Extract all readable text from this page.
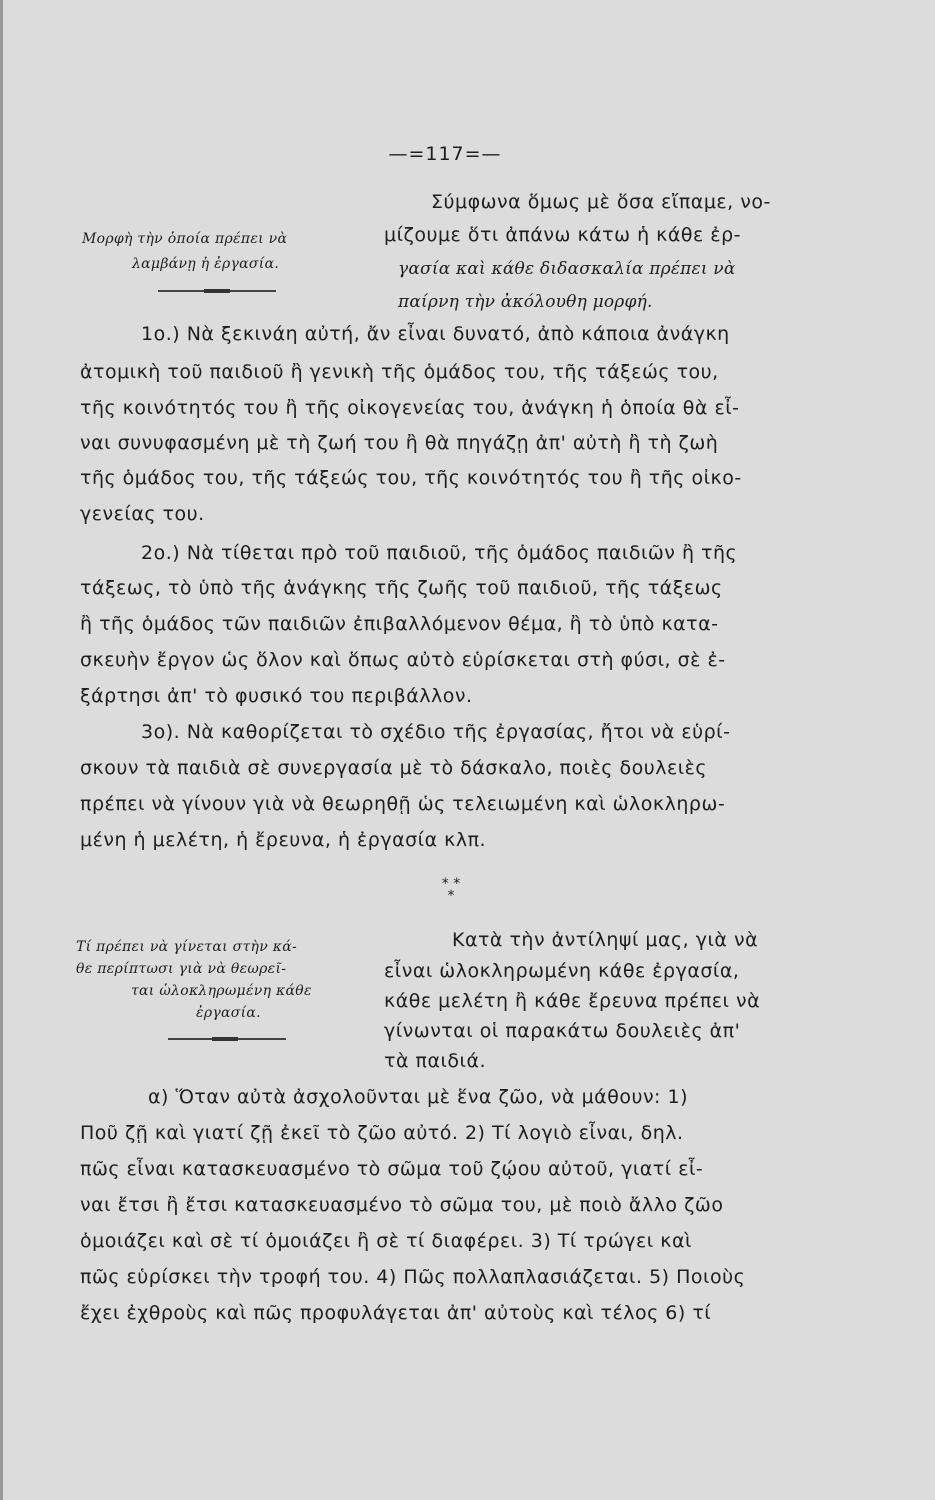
—=117=—
Μορφὴ τὴν ὁποία πρέπει νὰ
λαμβάνῃ ἡ ἐργασία.
Σύμφωνα ὅμως μὲ ὅσα εἴπαμε, νο-
μίζουμε ὅτι ἀπάνω κάτω ἡ κάθε ἐρ-
γασία καὶ κάθε διδασκαλία πρέπει νὰ
παίρνη τὴν ἀκόλουθη μορφή.
1ο.) Νὰ ξεκινάη αὐτή, ἄν εἶναι δυνατό, ἀπὸ κάποια ἀνάγκη
ἀτομικὴ τοῦ παιδιοῦ ἢ γενικὴ τῆς ὁμάδος του, τῆς τάξεώς του,
τῆς κοινότητός του ἢ τῆς οἰκογενείας του, ἀνάγκη ἡ ὁποία θὰ εἶ-
ναι συνυφασμένη μὲ τὴ ζωή του ἢ θὰ πηγάζῃ ἀπ' αὐτὴ ἢ τὴ ζωὴ
τῆς ὁμάδος του, τῆς τάξεώς του, τῆς κοινότητός του ἢ τῆς οἰκο-
γενείας του.
2ο.) Νὰ τίθεται πρὸ τοῦ παιδιοῦ, τῆς ὁμάδος παιδιῶν ἢ τῆς
τάξεως, τὸ ὑπὸ τῆς ἀνάγκης τῆς ζωῆς τοῦ παιδιοῦ, τῆς τάξεως
ἢ τῆς ὁμάδος τῶν παιδιῶν ἐπιβαλλόμενον θέμα, ἢ τὸ ὑπὸ κατα-
σκευὴν ἔργον ὡς ὅλον καὶ ὅπως αὐτὸ εὑρίσκεται στὴ φύσι, σὲ ἐ-
ξάρτησι ἀπ' τὸ φυσικό του περιβάλλον.
3ο). Νὰ καθορίζεται τὸ σχέδιο τῆς ἐργασίας, ἤτοι νὰ εὑρί-
σκουν τὰ παιδιὰ σὲ συνεργασία μὲ τὸ δάσκαλο, ποιὲς δουλειὲς
πρέπει νὰ γίνουν γιὰ νὰ θεωρηθῇ ὡς τελειωμένη καὶ ὡλοκληρω-
μένη ἡ μελέτη, ἡ ἔρευνα, ἡ ἐργασία κλπ.
* *
*
Τί πρέπει νὰ γίνεται στὴν κά-
θε περίπτωσι γιὰ νὰ θεωρεῖ-
ται ὡλοκληρωμένη κάθε
ἐργασία.
Κατὰ τὴν ἀντίληψί μας, γιὰ νὰ
εἶναι ὡλοκληρωμένη κάθε ἐργασία,
κάθε μελέτη ἢ κάθε ἔρευνα πρέπει νὰ
γίνωνται οἱ παρακάτω δουλειὲς ἀπ'
τὰ παιδιά.
α) Ὅταν αὐτὰ ἀσχολοῦνται μὲ ἕνα ζῶο, νὰ μάθουν: 1)
Ποῦ ζῇ καὶ γιατί ζῇ ἐκεῖ τὸ ζῶο αὐτό. 2) Τί λογιὸ εἶναι, δηλ.
πῶς εἶναι κατασκευασμένο τὸ σῶμα τοῦ ζῴου αὐτοῦ, γιατί εἶ-
ναι ἔτσι ἢ ἔτσι κατασκευασμένο τὸ σῶμα του, μὲ ποιὸ ἄλλο ζῶο
ὁμοιάζει καὶ σὲ τί ὁμοιάζει ἢ σὲ τί διαφέρει. 3) Τί τρώγει καὶ
πῶς εὑρίσκει τὴν τροφή του. 4) Πῶς πολλαπλασιάζεται. 5) Ποιοὺς
ἔχει ἐχθροὺς καὶ πῶς προφυλάγεται ἀπ' αὐτοὺς καὶ τέλος 6) τί
